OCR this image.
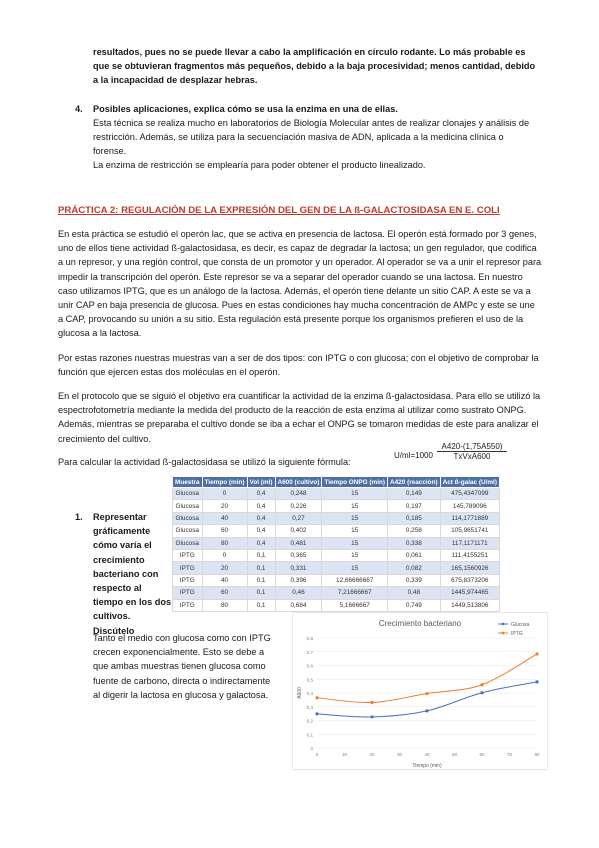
resultados, pues no se puede llevar a cabo la amplificación en círculo rodante. Lo más probable es que se obtuvieran fragmentos más pequeños, debido a la baja procesividad; menos cantidad, debido a la incapacidad de desplazar hebras.

4. Posibles aplicaciones, explica cómo se usa la enzima en una de ellas.

Esta técnica se realiza mucho en laboratorios de Biología Molecular antes de realizar clonajes y análisis de restricción. Además, se utiliza para la secuenciación masiva de ADN, aplicada a la medicina clínica o forense.

La enzima de restricción se emplearía para poder obtener el producto linealizado.

PRÁCTICA 2: REGULACIÓN DE LA EXPRESIÓN DEL GEN DE LA ß-GALACTOSIDASA EN E. COLI

En esta práctica se estudió el operón lac, que se activa en presencia de lactosa. El operón está formado por 3 genes, uno de ellos tiene actividad ß-galactosidasa, es decir, es capaz de degradar la lactosa; un gen regulador, que codifica a un represor, y una región control, que consta de un promotor y un operador. Al operador se va a unir el represor para impedir la transcripción del operón. Este represor se va a separar del operador cuando se una lactosa. En nuestro caso utilizamos IPTG, que es un análogo de la lactosa. Además, el operón tiene delante un sitio CAP. A este se va a unir CAP en baja presencia de glucosa. Pues en estas condiciones hay mucha concentración de AMPc y este se une a CAP, provocando su unión a su sitio. Esta regulación está presente porque los organismos prefieren el uso de la glucosa a la lactosa.

Por estas razones nuestras muestras van a ser de dos tipos: con IPTG o con glucosa; con el objetivo de comprobar la función que ejercen estas dos moléculas en el operón.

En el protocolo que se siguió el objetivo era cuantificar la actividad de la enzima ß-galactosidasa. Para ello se utilizó la espectrofotometría mediante la medida del producto de la reacción de esta enzima al utilizar como sustrato ONPG. Además, mientras se preparaba el cultivo donde se iba a echar el ONPG se tomaron medidas de este para analizar el crecimiento del cultivo.

Para calcular la actividad ß-galactosidasa se utilizó la siguiente fórmula:

U/ml=1000
A420-(1,75A550)
TxVxA600
Muestra	Tiempo (min)	Vol (ml)	A600 (cultivo)	Tiempo ONPG (min)	A420 (reacción)	Act ß-galac (U/ml)
Glucosa	0	0,4	0,248	15	0,149	475,4347099
Glucosa	20	0,4	0,226	15	0,197	145,789096
Glucosa	40	0,4	0,27	15	0,185	114,1771889
Glucosa	60	0,4	0,402	15	0,258	105,9651741
Glucosa	80	0,4	0,481	15	0,338	117,1171171
IPTG	0	0,1	0,365	15	0,061	111,4155251
IPTG	20	0,1	0,331	15	0,082	165,1560926
IPTG	40	0,1	0,396	12,66666667	0,339	675,8373206
IPTG	60	0,1	0,46	7,21666667	0,48	1445,974465
IPTG	80	0,1	0,684	5,1666667	0,749	1449,513806

1. Representar gráficamente cómo varía el crecimiento bacteriano con respecto al tiempo en los dos cultivos. Discútelo

Tanto el medio con glucosa como con IPTG crecen exponencialmente. Esto se debe a que ambas muestras tienen glucosa como fuente de carbono, directa o indirectamente al digerir la lactosa en glucosa y galactosa.

Crecimiento bacteriano
0
0,1
0,2
0,3
0,4
0,5
0,6
0,7
0,8
0	10	20	30	40	50	60	70	80
Tiempo (min)
A600
Glucosa
IPTG
